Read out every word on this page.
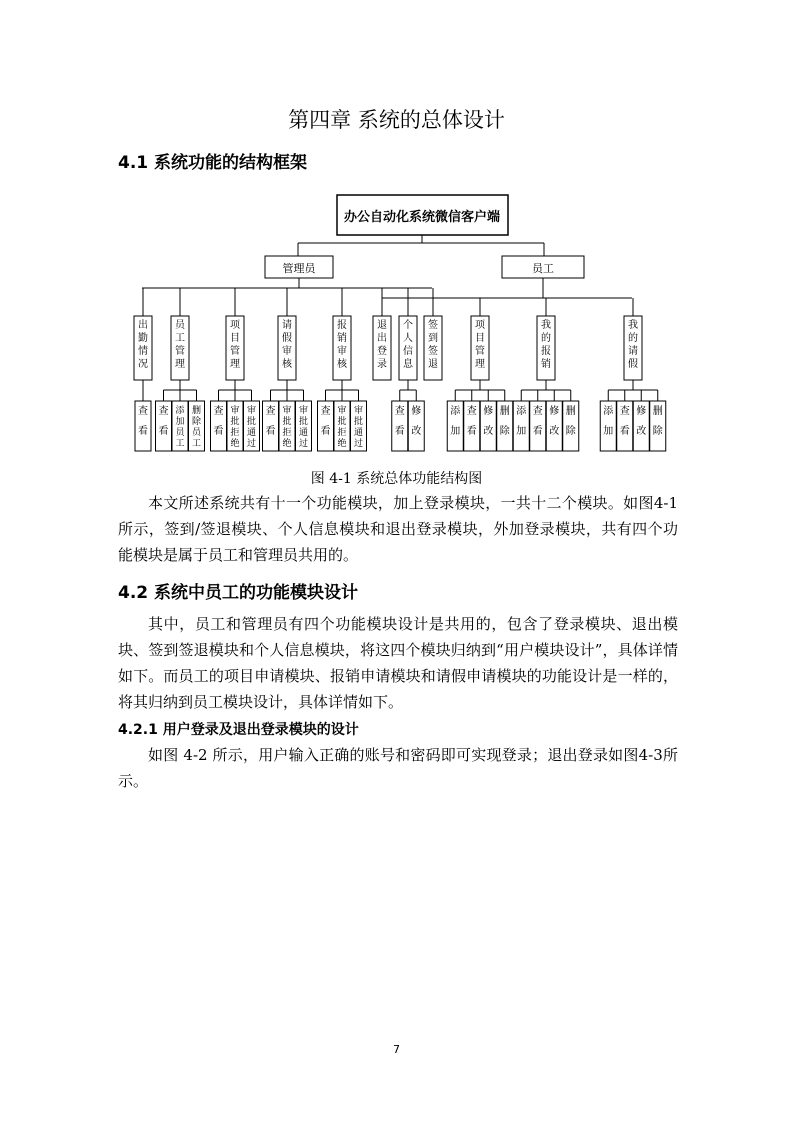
第四章 系统的总体设计
4.1 系统功能的结构框架
办公自动化系统微信客户端
管理员	员工
出勤情况
查看
员工管理
查看
添加员工
删除员工
项目管理
查看
审批拒绝
审批通过
请假审核
查看
审批拒绝
审批通过
报销审核
查看
审批拒绝
审批通过
退出登录
个人信息
查看
修改
签到签退
项目管理
添加
查看
修改
删除
我的报销
添加
查看
修改
删除
我的请假
添加
查看
修改
删除
图 4-1 系统总体功能结构图
本文所述系统共有十一个功能模块，加上登录模块，一共十二个模块。如图4-1所示，签到/签退模块、个人信息模块和退出登录模块，外加登录模块，共有四个功能模块是属于员工和管理员共用的。
4.2 系统中员工的功能模块设计
其中，员工和管理员有四个功能模块设计是共用的，包含了登录模块、退出模块、签到签退模块和个人信息模块，将这四个模块归纳到“用户模块设计”，具体详情如下。而员工的项目申请模块、报销申请模块和请假申请模块的功能设计是一样的，将其归纳到员工模块设计，具体详情如下。
4.2.1 用户登录及退出登录模块的设计
如图 4-2 所示，用户输入正确的账号和密码即可实现登录；退出登录如图4-3所示。
7
